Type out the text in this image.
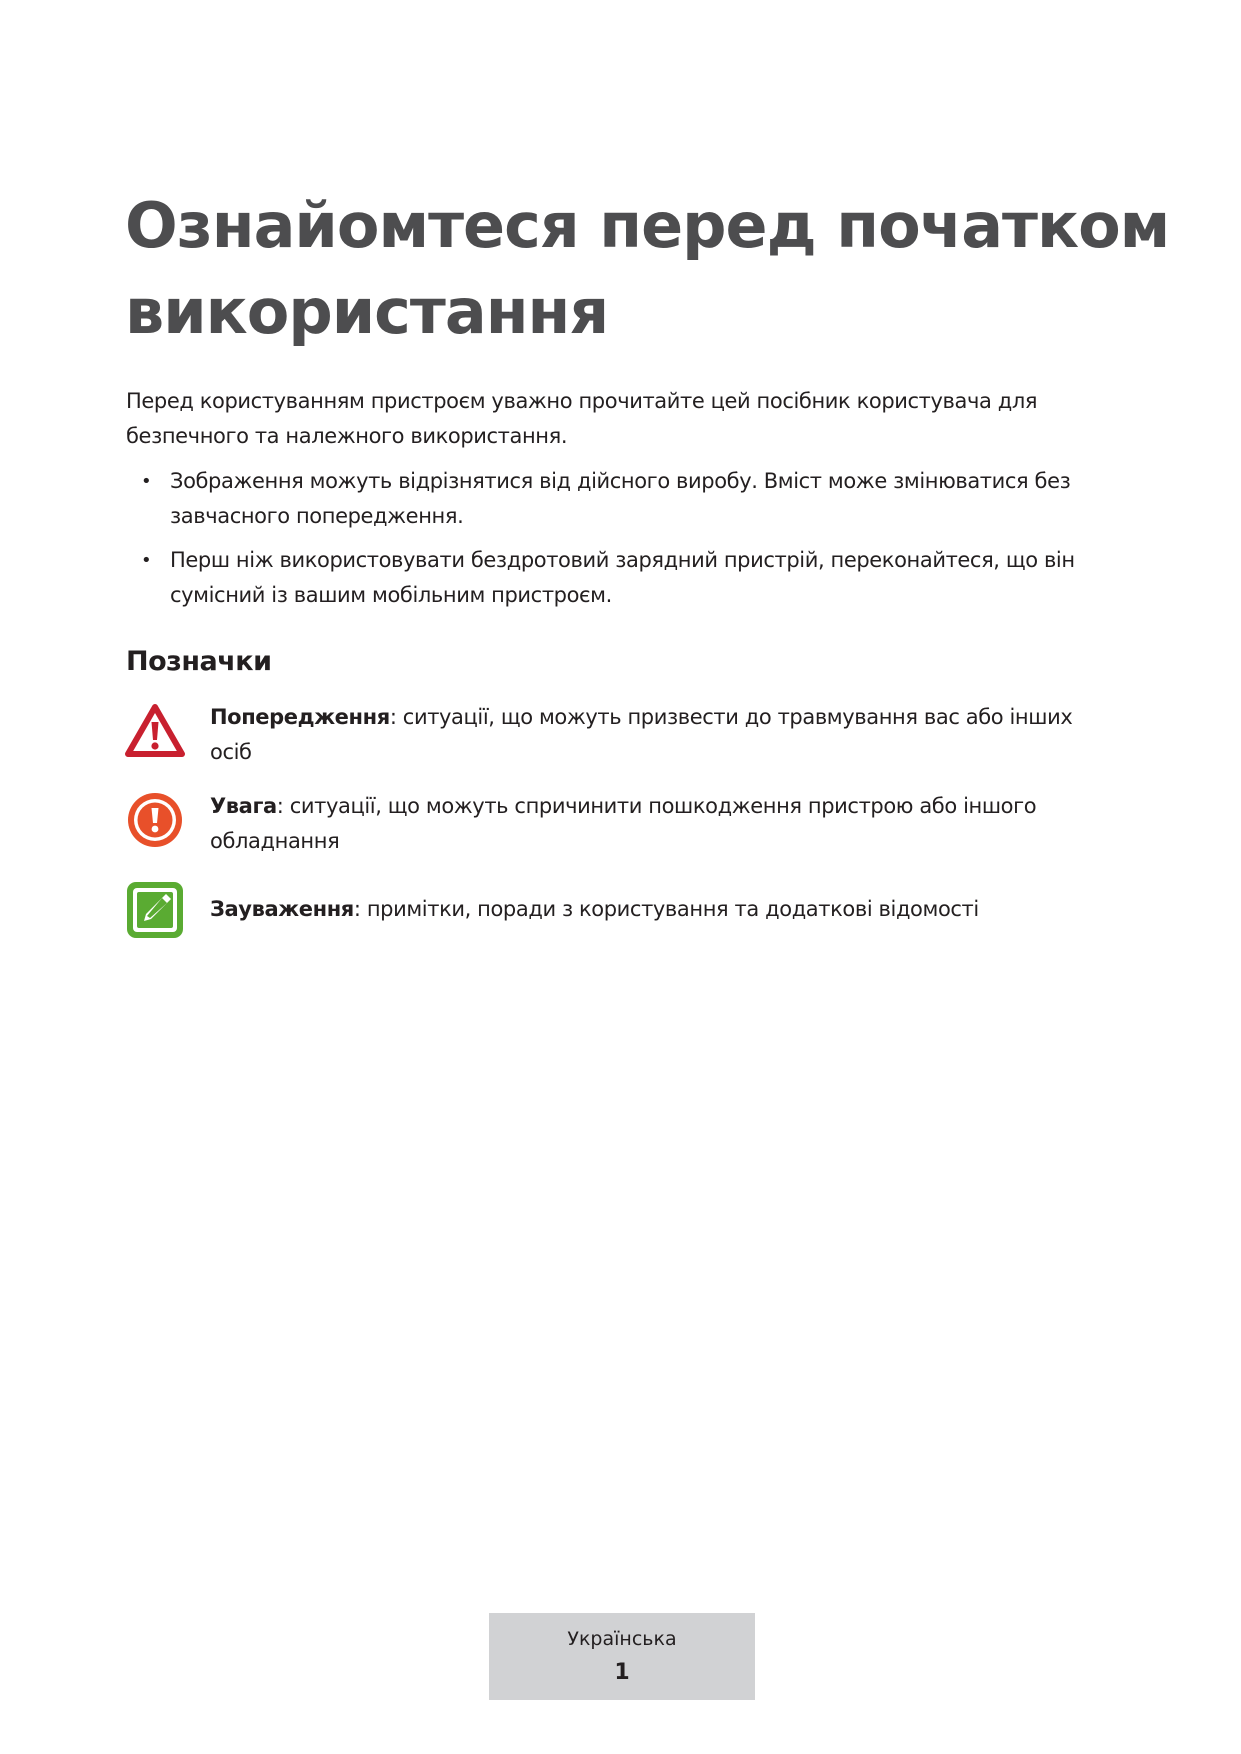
Ознайомтеся перед початком використання

Перед користуванням пристроєм уважно прочитайте цей посібник користувача для безпечного та належного використання.

• Зображення можуть відрізнятися від дійсного виробу. Вміст може змінюватися без завчасного попередження.
• Перш ніж використовувати бездротовий зарядний пристрій, переконайтеся, що він сумісний із вашим мобільним пристроєм.
Позначки
Попередження: ситуації, що можуть призвести до травмування вас або інших осіб
Увага: ситуації, що можуть спричинити пошкодження пристрою або іншого обладнання
Зауваження: примітки, поради з користування та додаткові відомості
Українська
1
